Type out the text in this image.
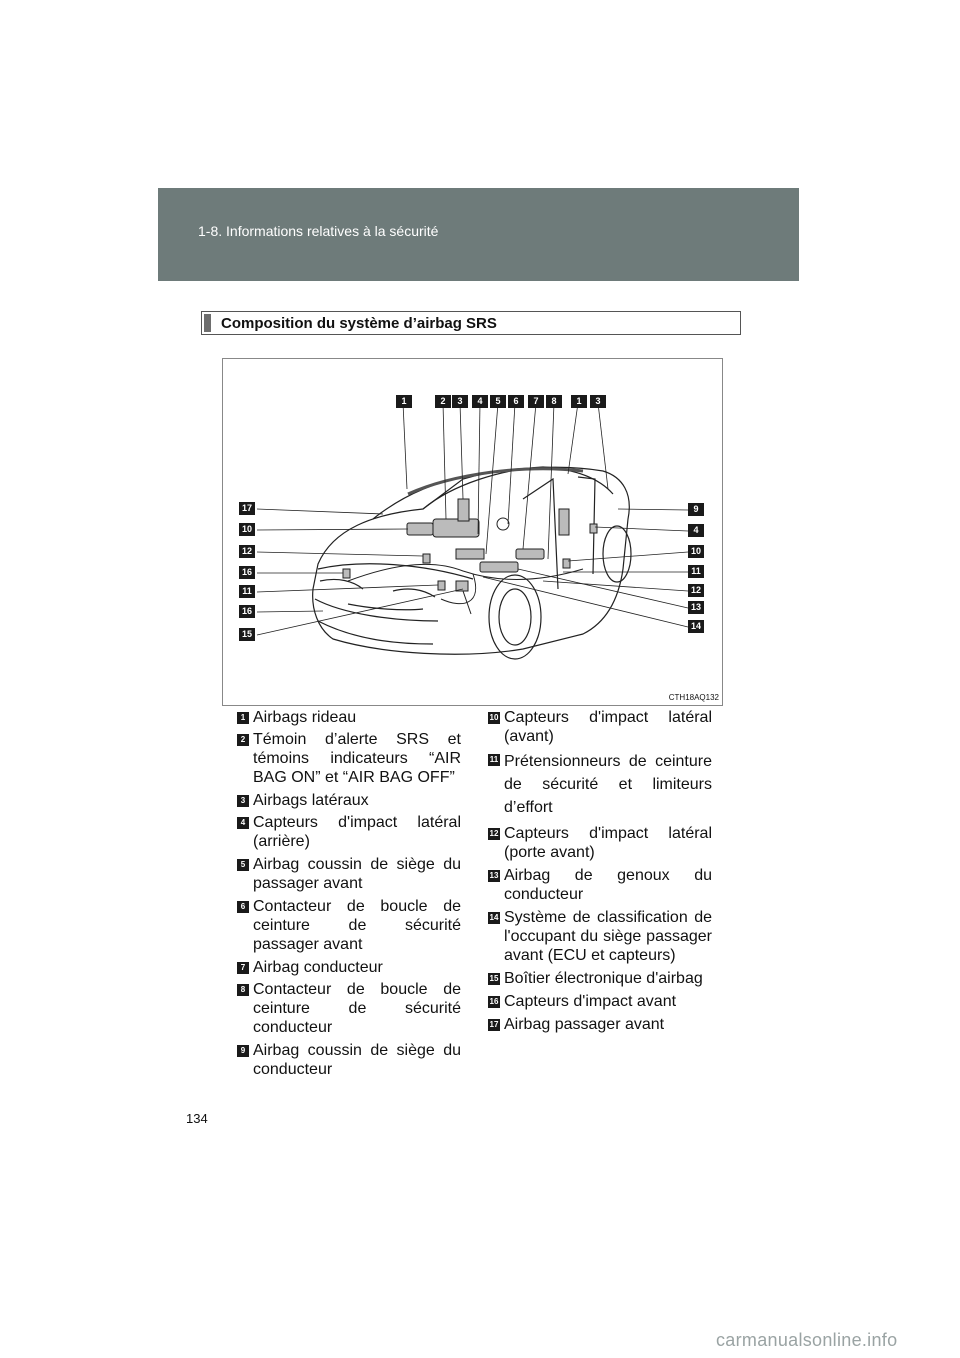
1-8. Informations relatives à la sécurité
Composition du système d’airbag SRS
1	2	3	4	5	6	7	8	1	3
17
10
12
16
11
16
15
9
4
10
11
12
13
14
CTH18AQ132
1 Airbags rideau
2 Témoin d’alerte SRS et témoins indicateurs “AIR BAG ON” et “AIR BAG OFF”
3 Airbags latéraux
4 Capteurs d'impact latéral (arrière)
5 Airbag coussin de siège du passager avant
6 Contacteur de boucle de ceinture de sécurité passager avant
7 Airbag conducteur
8 Contacteur de boucle de ceinture de sécurité conducteur
9 Airbag coussin de siège du conducteur
10 Capteurs d'impact latéral (avant)
11 Prétensionneurs de ceinture de sécurité et limiteurs d’effort
12 Capteurs d'impact latéral (porte avant)
13 Airbag de genoux du conducteur
14 Système de classification de l'occupant du siège passager avant (ECU et capteurs)
15 Boîtier électronique d'airbag
16 Capteurs d'impact avant
17 Airbag passager avant
134
carmanualsonline.info
